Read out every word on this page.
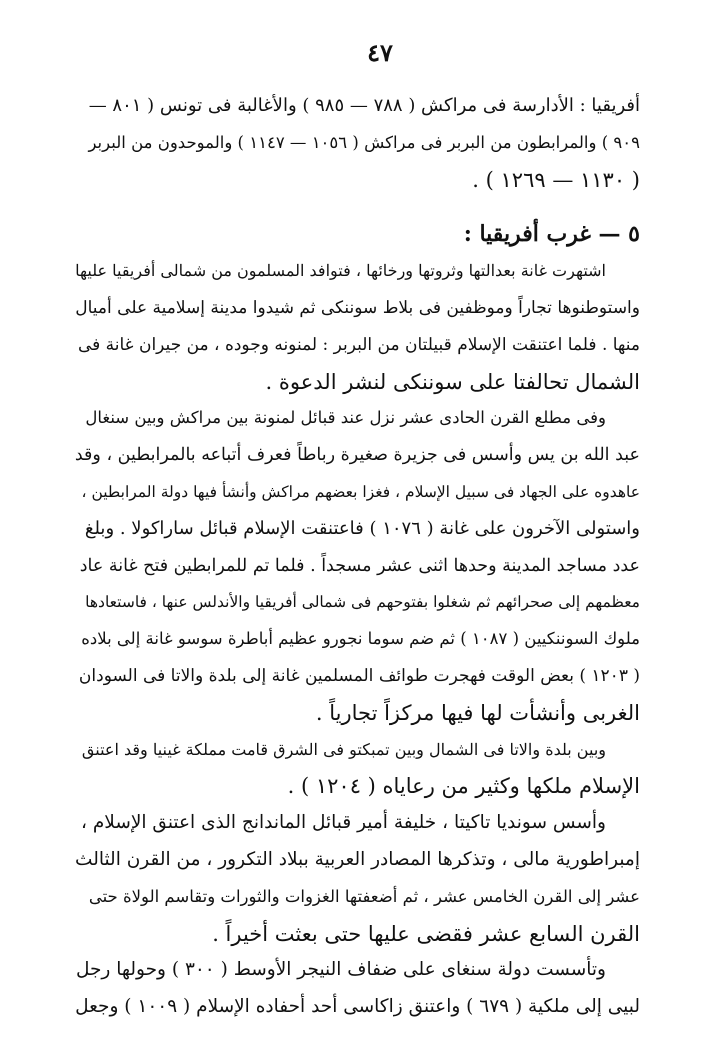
٤٧
أفريقيا : الأدارسة فى مراكش ( ٧٨٨ — ٩٨٥ ) والأغالبة فى تونس ( ٨٠١ —
٩٠٩ ) والمرابطون من البربر فى مراكش ( ١٠٥٦ — ١١٤٧ ) والموحدون من البربر
( ١١٣٠ — ١٢٦٩ ) .
٥ — غرب أفريقيا :
اشتهرت غانة بعدالتها وثروتها ورخائها ، فتوافد المسلمون من شمالى أفريقيا عليها
واستوطنوها تجاراً وموظفين فى بلاط سوننكى ثم شيدوا مدينة إسلامية على أميال
منها . فلما اعتنقت الإسلام قبيلتان من البربر : لمنونه وجوده ، من جيران غانة فى
الشمال تحالفتا على سوننكى لنشر الدعوة .
وفى مطلع القرن الحادى عشر نزل عند قبائل لمنونة بين مراكش وبين سنغال
عبد الله بن يس وأسس فى جزيرة صغيرة رباطاً فعرف أتباعه بالمرابطين ، وقد
عاهدوه على الجهاد فى سبيل الإسلام ، فغزا بعضهم مراكش وأنشأ فيها دولة المرابطين ،
واستولى الآخرون على غانة ( ١٠٧٦ ) فاعتنقت الإسلام قبائل ساراكولا . وبلغ
عدد مساجد المدينة وحدها اثنى عشر مسجداً . فلما تم للمرابطين فتح غانة عاد
معظمهم إلى صحرائهم ثم شغلوا بفتوحهم فى شمالى أفريقيا والأندلس عنها ، فاستعادها
ملوك السوننكيين ( ١٠٨٧ ) ثم ضم سوما نجورو عظيم أباطرة سوسو غانة إلى بلاده
( ١٢٠٣ ) بعض الوقت فهجرت طوائف المسلمين غانة إلى بلدة والاتا فى السودان
الغربى وأنشأت لها فيها مركزاً تجارياً .
وبين بلدة والاتا فى الشمال وبين تمبكتو فى الشرق قامت مملكة غينيا وقد اعتنق
الإسلام ملكها وكثير من رعاياه ( ١٢٠٤ ) .
وأسس سونديا تاكيتا ، خليفة أمير قبائل الماندانج الذى اعتنق الإسلام ،
إمبراطورية مالى ، وتذكرها المصادر العربية ببلاد التكرور ، من القرن الثالث
عشر إلى القرن الخامس عشر ، ثم أضعفتها الغزوات والثورات وتقاسم الولاة حتى
القرن السابع عشر فقضى عليها حتى بعثت أخيراً .
وتأسست دولة سنغاى على ضفاف النيجر الأوسط ( ٣٠٠ ) وحولها رجل
لبيى إلى ملكية ( ٦٧٩ ) واعتنق زاكاسى أحد أحفاده الإسلام ( ١٠٠٩ ) وجعل
